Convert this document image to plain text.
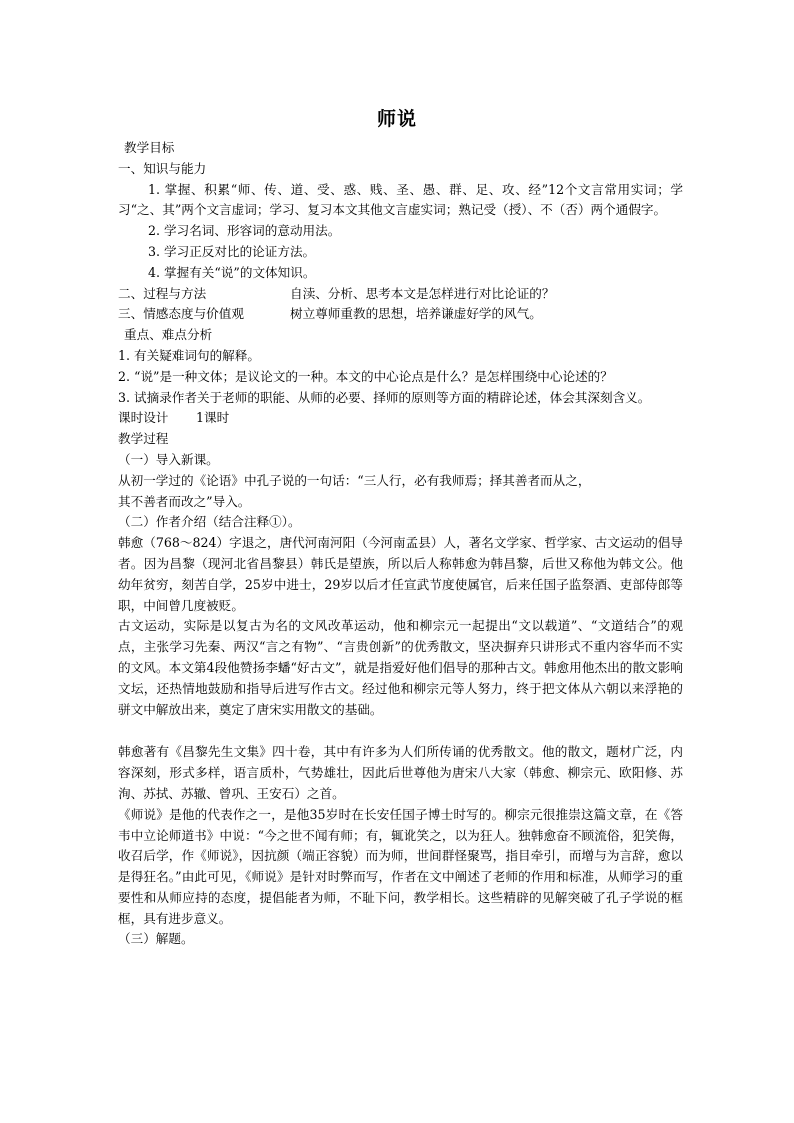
师说

教学目标

一、知识与能力

1. 掌握、积累“师、传、道、受、惑、贱、圣、愚、群、足、攻、经”12个文言常用实词；学习“之、其”两个文言虚词；学习、复习本文其他文言虚实词；熟记受（授）、不（否）两个通假字。

2. 学习名词、形容词的意动用法。

3. 学习正反对比的论证方法。

4. 掌握有关“说”的文体知识。

二、过程与方法	自渎、分析、思考本文是怎样进行对比论证的？

三、情感态度与价值观	树立尊师重教的思想，培养谦虚好学的风气。

重点、难点分析

1. 有关疑难词句的解释。

2. “说”是一种文体；是议论文的一种。本文的中心论点是什么？是怎样围绕中心论述的？

3. 试摘录作者关于老师的职能、从师的必要、择师的原则等方面的精辟论述，体会其深刻含义。

课时设计 1课时

教学过程

（一）导入新课。

从初一学过的《论语》中孔子说的一句话：“三人行，必有我师焉；择其善者而从之，

其不善者而改之”导入。

（二）作者介绍（结合注释①）。

韩愈（768～824）字退之，唐代河南河阳（今河南孟县）人，著名文学家、哲学家、古文运动的倡导者。因为昌黎（现河北省昌黎县）韩氏是望族，所以后人称韩愈为韩昌黎，后世又称他为韩文公。他幼年贫穷，刻苦自学，25岁中进士，29岁以后才任宣武节度使属官，后来任国子监祭酒、吏部侍郎等职，中间曾几度被贬。

古文运动，实际是以复古为名的文风改革运动，他和柳宗元一起提出“文以载道”、“文道结合”的观点，主张学习先秦、两汉“言之有物”、“言贵创新”的优秀散文，坚决摒弃只讲形式不重内容华而不实的文风。本文第4段他赞扬李蟠“好古文”，就是指爱好他们倡导的那种古文。韩愈用他杰出的散文影响文坛，还热情地鼓励和指导后进写作古文。经过他和柳宗元等人努力，终于把文体从六朝以来浮艳的骈文中解放出来，奠定了唐宋实用散文的基础。

韩愈著有《昌黎先生文集》四十卷，其中有许多为人们所传诵的优秀散文。他的散文，题材广泛，内容深刻，形式多样，语言质朴，气势雄壮，因此后世尊他为唐宋八大家（韩愈、柳宗元、欧阳修、苏洵、苏拭、苏辙、曾巩、王安石）之首。

《师说》是他的代表作之一，是他35岁时在长安任国子博士时写的。柳宗元很推崇这篇文章，在《答韦中立论师道书》中说：“今之世不闻有师；有，辄讹笑之，以为狂人。独韩愈奋不顾流俗，犯笑侮，收召后学，作《师说》，因抗颜（端正容貌）而为师，世间群怪聚骂，指目牵引，而增与为言辞，愈以是得狂名。”由此可见，《师说》是针对时弊而写，作者在文中阐述了老师的作用和标准，从师学习的重要性和从师应持的态度，提倡能者为师，不耻下问，教学相长。这些精辟的见解突破了孔子学说的框框，具有进步意义。

（三）解题。
